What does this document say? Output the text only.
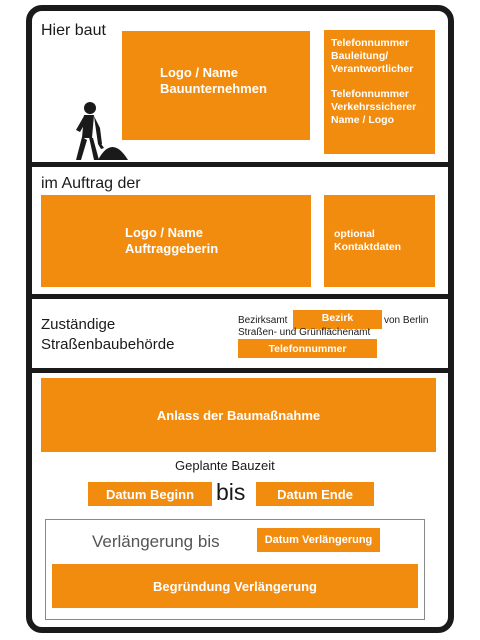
Hier baut
Logo / Name
Bauunternehmen
Telefonnummer
Bauleitung/
Verantwortlicher

Telefonnummer
Verkehrssicherer
Name / Logo
im Auftrag der
Logo / Name
Auftraggeberin
optional
Kontaktdaten
Zuständige
Straßenbaubehörde
Bezirksamt	Bezirk	von Berlin
Straßen- und Grünflächenamt
Telefonnummer
Anlass der Baumaßnahme
Geplante Bauzeit
Datum Beginn bis Datum Ende
Verlängerung bis	Datum Verlängerung
Begründung Verlängerung
